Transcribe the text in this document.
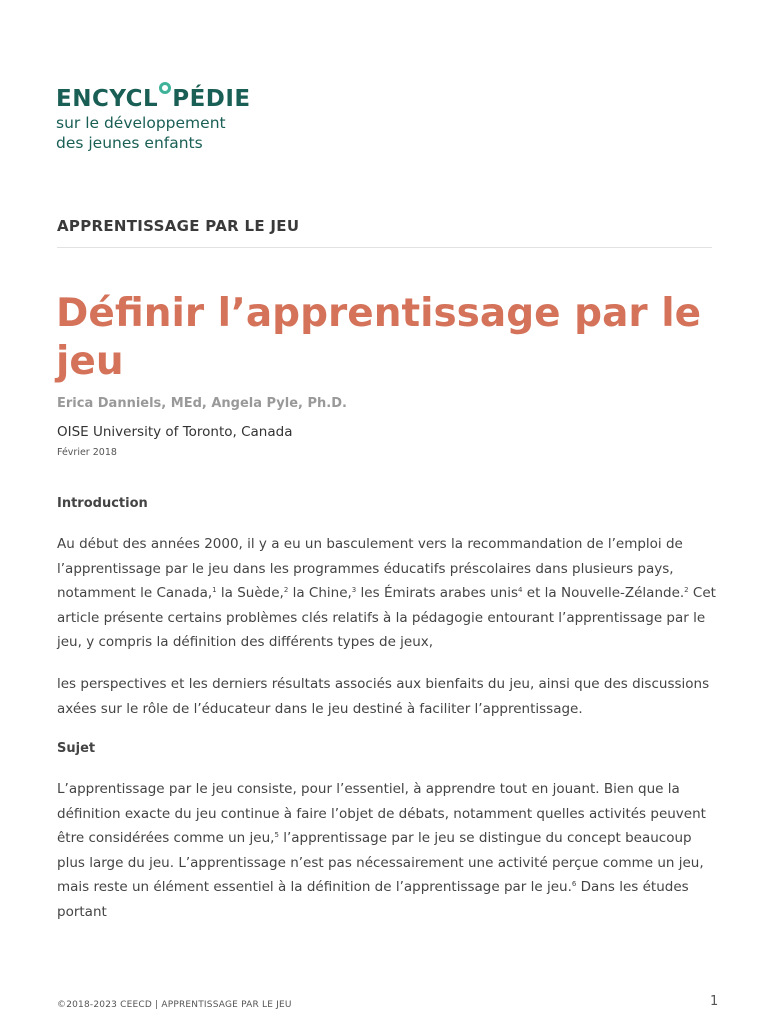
ENCYCL PÉDIE
sur le développement
des jeunes enfants
APPRENTISSAGE PAR LE JEU
Définir l’apprentissage par le jeu
Erica Danniels, MEd, Angela Pyle, Ph.D.
OISE University of Toronto, Canada
Février 2018
Introduction

Au début des années 2000, il y a eu un basculement vers la recommandation de l’emploi de l’apprentissage par le jeu dans les programmes éducatifs préscolaires dans plusieurs pays, notamment le Canada,$^1$ la Suède,$^2$ la Chine,$^3$ les Émirats arabes unis$^4$ et la Nouvelle-Zélande.$^2$ Cet article présente certains problèmes clés relatifs à la pédagogie entourant l’apprentissage par le jeu, y compris la définition des différents types de jeux,

les perspectives et les derniers résultats associés aux bienfaits du jeu, ainsi que des discussions axées sur le rôle de l’éducateur dans le jeu destiné à faciliter l’apprentissage.

Sujet

L’apprentissage par le jeu consiste, pour l’essentiel, à apprendre tout en jouant. Bien que la définition exacte du jeu continue à faire l’objet de débats, notamment quelles activités peuvent être considérées comme un jeu,$^5$ l’apprentissage par le jeu se distingue du concept beaucoup plus large du jeu. L’apprentissage n’est pas nécessairement une activité perçue comme un jeu, mais reste un élément essentiel à la définition de l’apprentissage par le jeu.$^6$ Dans les études portant

©2018-2023 CEECD | APPRENTISSAGE PAR LE JEU	1
